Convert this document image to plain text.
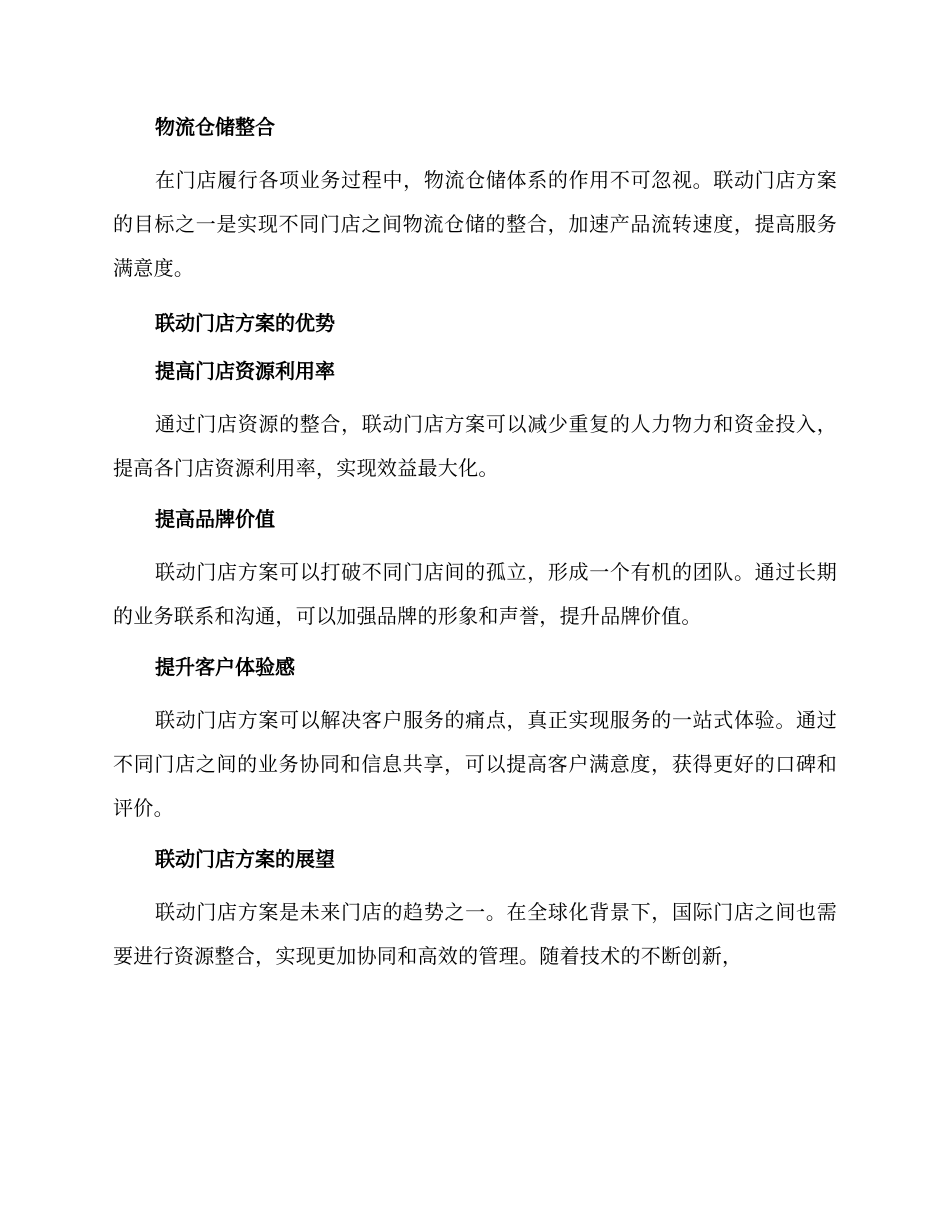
物流仓储整合

在门店履行各项业务过程中，物流仓储体系的作用不可忽视。联动门店方案的目标之一是实现不同门店之间物流仓储的整合，加速产品流转速度，提高服务满意度。

联动门店方案的优势

提高门店资源利用率

通过门店资源的整合，联动门店方案可以减少重复的人力物力和资金投入，提高各门店资源利用率，实现效益最大化。

提高品牌价值

联动门店方案可以打破不同门店间的孤立，形成一个有机的团队。通过长期的业务联系和沟通，可以加强品牌的形象和声誉，提升品牌价值。

提升客户体验感

联动门店方案可以解决客户服务的痛点，真正实现服务的一站式体验。通过不同门店之间的业务协同和信息共享，可以提高客户满意度，获得更好的口碑和评价。

联动门店方案的展望

联动门店方案是未来门店的趋势之一。在全球化背景下，国际门店之间也需要进行资源整合，实现更加协同和高效的管理。随着技术的不断创新，
